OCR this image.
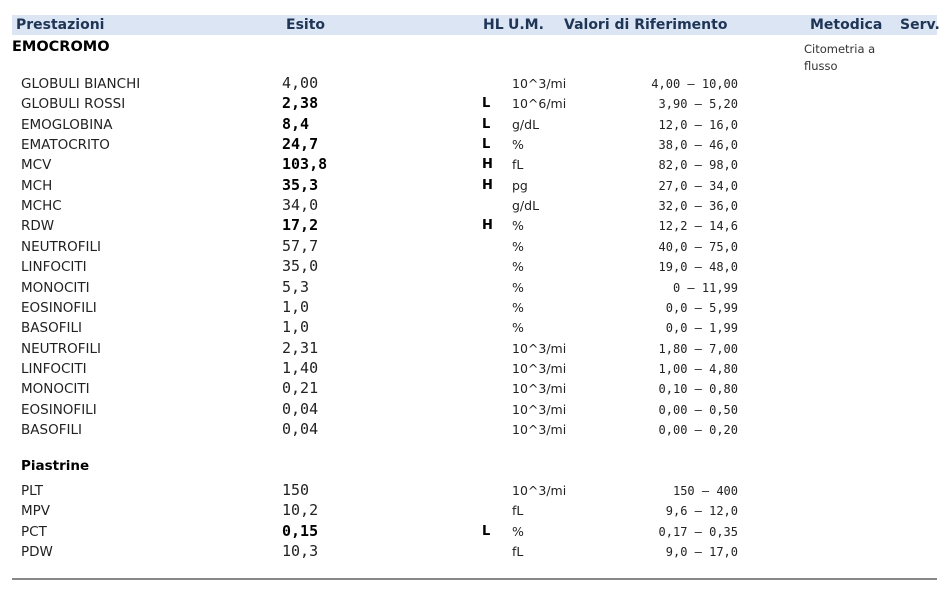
Prestazioni	Esito	HL U.M. Valori di Riferimento	Metodica Serv.
EMOCROMO	Citometria a flusso
GLOBULI BIANCHI	4,00	10^3/mi	4,00 – 10,00
GLOBULI ROSSI	2,38	L 10^6/mi	3,90 – 5,20
EMOGLOBINA	8,4	L g/dL	12,0 – 16,0
EMATOCRITO	24,7	L %	38,0 – 46,0
MCV	103,8	H fL	82,0 – 98,0
MCH	35,3	H pg	27,0 – 34,0
MCHC	34,0	g/dL	32,0 – 36,0
RDW	17,2	H %	12,2 – 14,6
NEUTROFILI	57,7	%	40,0 – 75,0
LINFOCITI	35,0	%	19,0 – 48,0
MONOCITI	5,3	%	0 – 11,99
EOSINOFILI	1,0	%	0,0 – 5,99
BASOFILI	1,0	%	0,0 – 1,99
NEUTROFILI	2,31	10^3/mi	1,80 – 7,00
LINFOCITI	1,40	10^3/mi	1,00 – 4,80
MONOCITI	0,21	10^3/mi	0,10 – 0,80
EOSINOFILI	0,04	10^3/mi	0,00 – 0,50
BASOFILI	0,04	10^3/mi	0,00 – 0,20
Piastrine
PLT	150	10^3/mi	150 – 400
MPV	10,2	fL	9,6 – 12,0
PCT	0,15	L %	0,17 – 0,35
PDW	10,3	fL	9,0 – 17,0
